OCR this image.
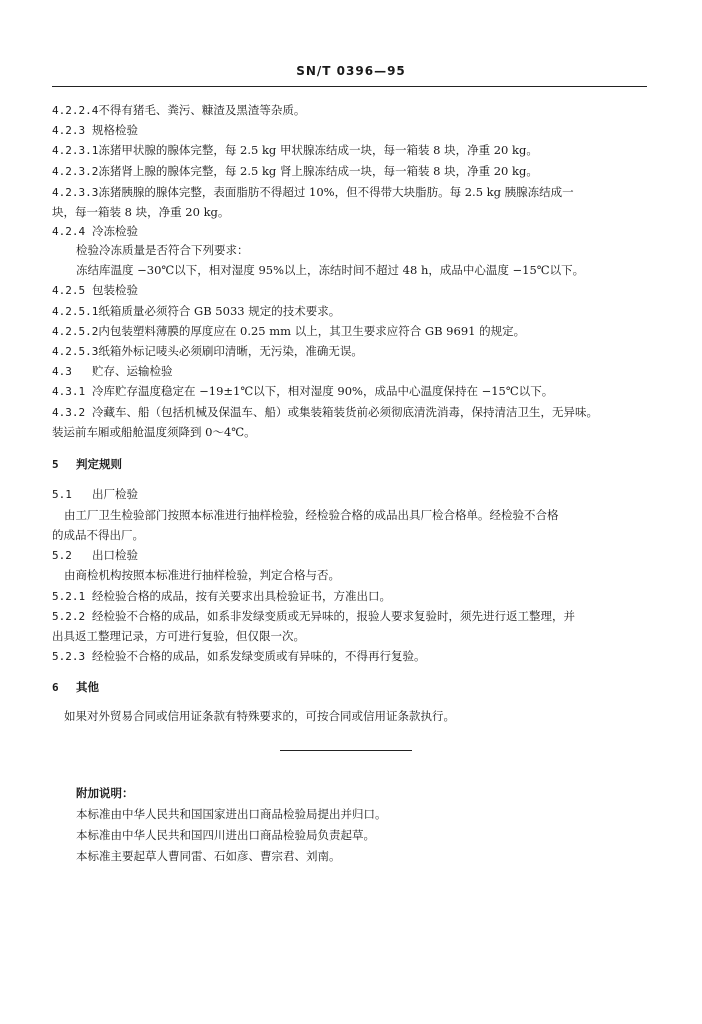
SN/T 0396—95
4.2.2.4不得有猪毛、粪污、糠渣及黑渣等杂质。
4.2.3 规格检验
4.2.3.1冻猪甲状腺的腺体完整，每 2.5 kg 甲状腺冻结成一块，每一箱装 8 块，净重 20 kg。
4.2.3.2冻猪肾上腺的腺体完整，每 2.5 kg 肾上腺冻结成一块，每一箱装 8 块，净重 20 kg。
4.2.3.3冻猪胰腺的腺体完整，表面脂肪不得超过 10%，但不得带大块脂肪。每 2.5 kg 胰腺冻结成一
块，每一箱装 8 块，净重 20 kg。
4.2.4 冷冻检验
检验冷冻质量是否符合下列要求：
冻结库温度 −30℃以下，相对湿度 95%以上，冻结时间不超过 48 h，成品中心温度 −15℃以下。
4.2.5 包装检验
4.2.5.1纸箱质量必须符合 GB 5033 规定的技术要求。
4.2.5.2内包装塑料薄膜的厚度应在 0.25 mm 以上，其卫生要求应符合 GB 9691 的规定。
4.2.5.3纸箱外标记唛头必须刷印清晰，无污染，准确无误。
4.3 贮存、运输检验
4.3.1 冷库贮存温度稳定在 −19±1℃以下，相对湿度 90%，成品中心温度保持在 −15℃以下。
4.3.2 冷藏车、船（包括机械及保温车、船）或集装箱装货前必须彻底清洗消毒，保持清洁卫生，无异味。
装运前车厢或船舱温度须降到 0～4℃。
5 判定规则
5.1 出厂检验
由工厂卫生检验部门按照本标准进行抽样检验，经检验合格的成品出具厂检合格单。经检验不合格
的成品不得出厂。
5.2 出口检验
由商检机构按照本标准进行抽样检验，判定合格与否。
5.2.1 经检验合格的成品，按有关要求出具检验证书，方准出口。
5.2.2 经检验不合格的成品，如系非发绿变质或无异味的，报验人要求复验时，须先进行返工整理，并
出具返工整理记录，方可进行复验，但仅限一次。
5.2.3 经检验不合格的成品，如系发绿变质或有异味的，不得再行复验。
6 其他
如果对外贸易合同或信用证条款有特殊要求的，可按合同或信用证条款执行。
附加说明：
本标准由中华人民共和国国家进出口商品检验局提出并归口。
本标准由中华人民共和国四川进出口商品检验局负责起草。
本标准主要起草人曹同雷、石如彦、曹宗君、刘南。
